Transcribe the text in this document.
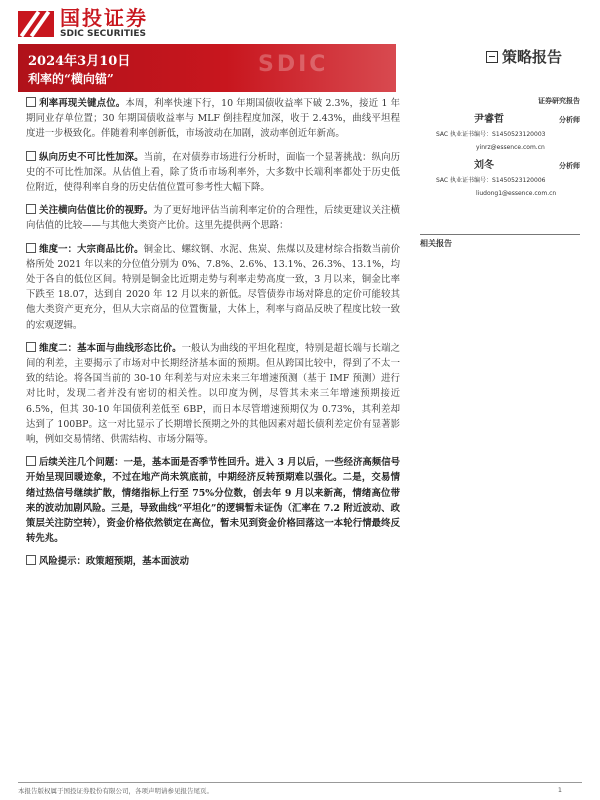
国投证券
SDIC SECURITIES
2024年3月10日
利率的“横向锚”
SDIC	策略报告

利率再现关键点位。本周，利率快速下行，10 年期国债收益率下破 2.3%，接近 1 年期同业存单位置；30 年期国债收益率与 MLF 倒挂程度加深，收于 2.43%，曲线平坦程度进一步极致化。伴随着利率创新低，市场波动在加剧，波动率创近年新高。

纵向历史不可比性加深。当前，在对债券市场进行分析时，面临一个显著挑战：纵向历史的不可比性加深。从估值上看，除了货币市场利率外，大多数中长端利率都处于历史低位附近，使得利率自身的历史估值位置可参考性大幅下降。

关注横向估值比价的视野。为了更好地评估当前利率定价的合理性，后续更建议关注横向估值的比较——与其他大类资产比价。这里先提供两个思路：

维度一：大宗商品比价。铜金比、螺纹钢、水泥、焦炭、焦煤以及建材综合指数当前价格所处 2021 年以来的分位值分别为 0%、7.8%、2.6%、13.1%、26.3%、13.1%，均处于各自的低位区间。特别是铜金比近期走势与利率走势高度一致，3 月以来，铜金比率下跌至 18.07，达到自 2020 年 12 月以来的新低。尽管债券市场对降息的定价可能较其他大类资产更充分，但从大宗商品的位置衡量，大体上，利率与商品反映了程度比较一致的宏观逻辑。

维度二：基本面与曲线形态比价。一般认为曲线的平坦化程度，特别是超长端与长端之间的利差，主要揭示了市场对中长期经济基本面的预期。但从跨国比较中，得到了不太一致的结论。将各国当前的 30-10 年利差与对应未来三年增速预测（基于 IMF 预测）进行对比时，发现二者并没有密切的相关性。以印度为例，尽管其未来三年增速预期接近 6.5%，但其 30-10 年国债利差低至 6BP，而日本尽管增速预期仅为 0.73%，其利差却达到了 100BP。这一对比显示了长期增长预期之外的其他因素对超长债利差定价有显著影响，例如交易情绪、供需结构、市场分隔等。

后续关注几个问题：一是，基本面是否季节性回升。进入 3 月以后，一些经济高频信号开始呈现回暖迹象，不过在地产尚未筑底前，中期经济反转预期难以强化。二是，交易情绪过热信号继续扩散，情绪指标上行至 75%分位数，创去年 9 月以来新高，情绪高位带来的波动加剧风险。三是，导致曲线“平坦化”的逻辑暂未证伪（汇率在 7.2 附近波动、政策层关注防空转），资金价格依然锁定在高位，暂未见到资金价格回落这一本轮行情最终反转先兆。

风险提示：政策超预期，基本面波动

证券研究报告
尹睿哲	分析师
SAC 执业证书编号：S1450523120003
yinrz@essence.com.cn
刘冬	分析师
SAC 执业证书编号：S1450523120006
liudong1@essence.com.cn
相关报告
本报告版权属于国投证券股份有限公司，各项声明请参见报告尾页。	1
